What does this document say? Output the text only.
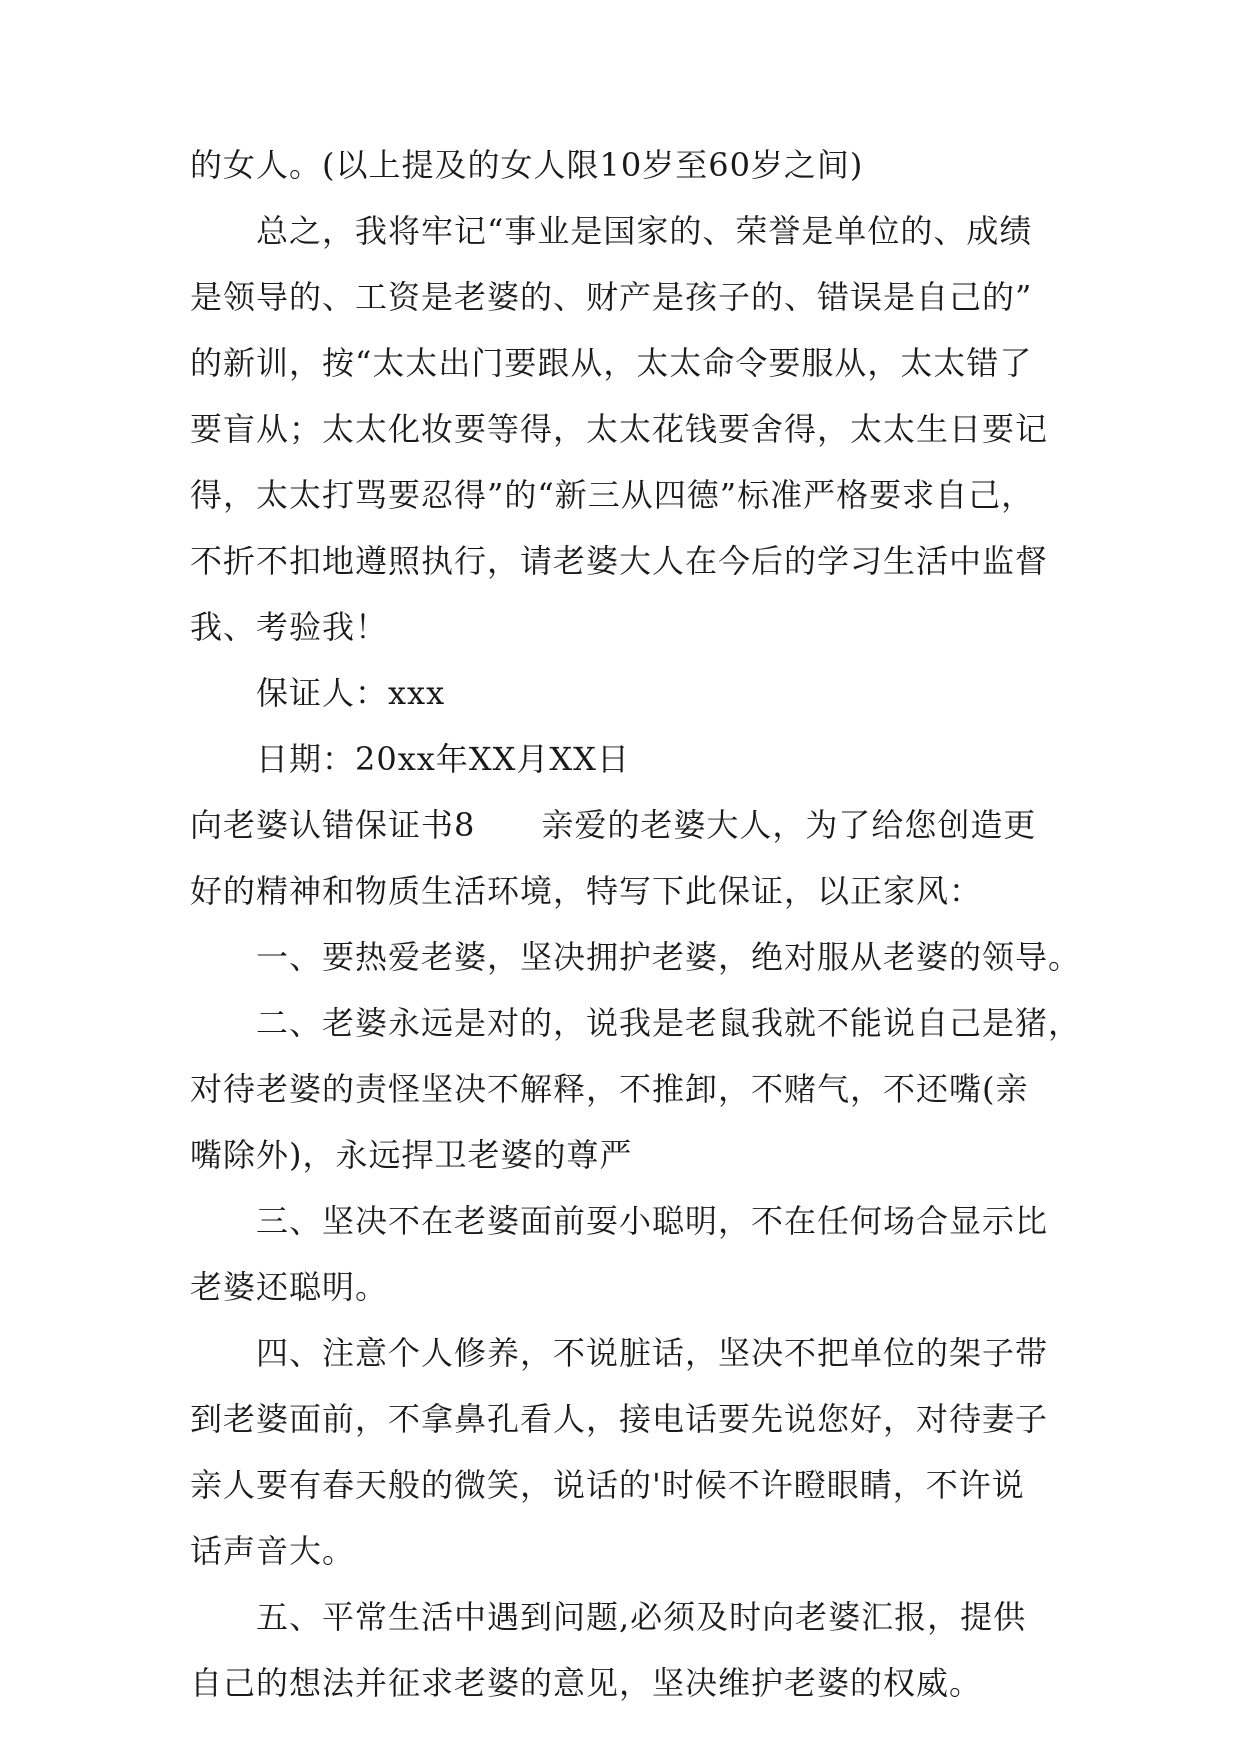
的女人。(以上提及的女人限10岁至60岁之间)
总之，我将牢记“事业是国家的、荣誉是单位的、成绩
是领导的、工资是老婆的、财产是孩子的、错误是自己的”
的新训，按“太太出门要跟从，太太命令要服从，太太错了
要盲从；太太化妆要等得，太太花钱要舍得，太太生日要记
得，太太打骂要忍得”的“新三从四德”标准严格要求自己，
不折不扣地遵照执行，请老婆大人在今后的学习生活中监督
我、考验我！
保证人：xxx
日期：20xx年XX月XX日
向老婆认错保证书8　　亲爱的老婆大人，为了给您创造更
好的精神和物质生活环境，特写下此保证，以正家风：
一、要热爱老婆，坚决拥护老婆，绝对服从老婆的领导。
二、老婆永远是对的，说我是老鼠我就不能说自己是猪，
对待老婆的责怪坚决不解释，不推卸，不赌气，不还嘴(亲
嘴除外)，永远捍卫老婆的尊严
三、坚决不在老婆面前耍小聪明，不在任何场合显示比
老婆还聪明。
四、注意个人修养，不说脏话，坚决不把单位的架子带
到老婆面前，不拿鼻孔看人，接电话要先说您好，对待妻子
亲人要有春天般的微笑，说话的'时候不许瞪眼睛，不许说
话声音大。
五、平常生活中遇到问题,必须及时向老婆汇报，提供
自己的想法并征求老婆的意见，坚决维护老婆的权威。
